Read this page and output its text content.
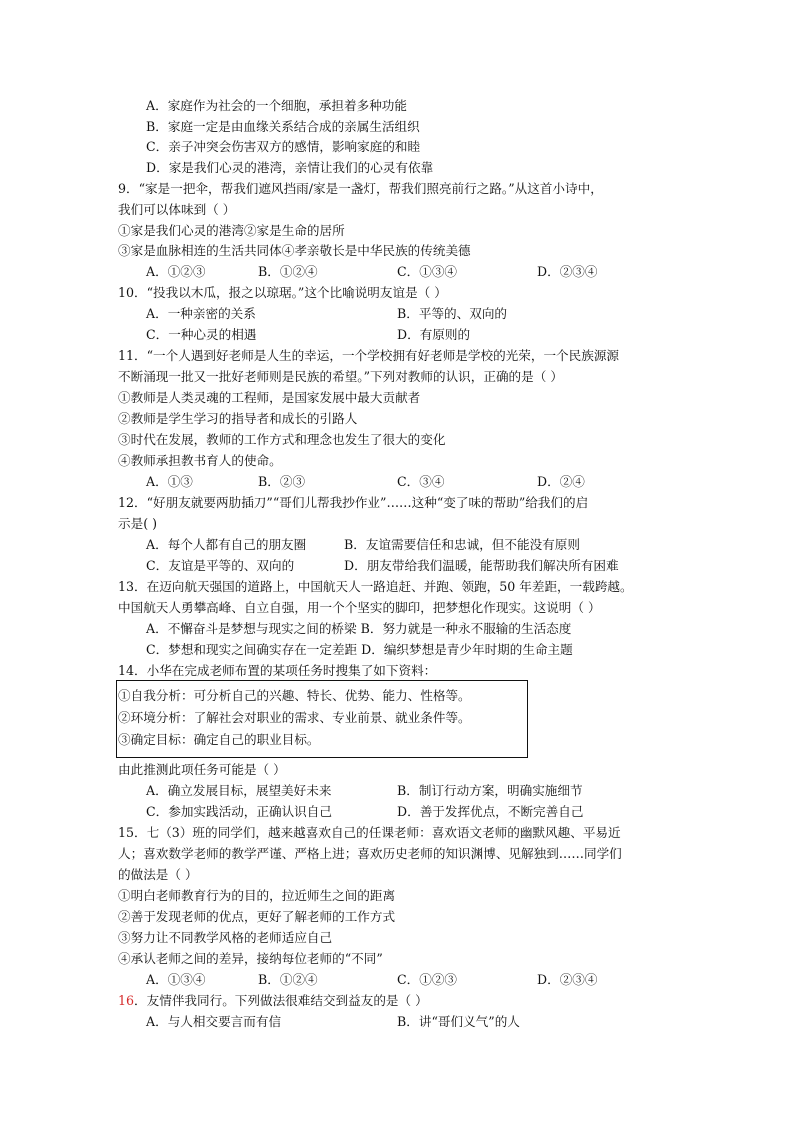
A．家庭作为社会的一个细胞，承担着多种功能
B．家庭一定是由血缘关系结合成的亲属生活组织
C．亲子冲突会伤害双方的感情，影响家庭的和睦
D．家是我们心灵的港湾，亲情让我们的心灵有依靠
9．“家是一把伞，帮我们遮风挡雨/家是一盏灯，帮我们照亮前行之路。”从这首小诗中，
我们可以体味到（ ）
①家是我们心灵的港湾②家是生命的居所
③家是血脉相连的生活共同体④孝亲敬长是中华民族的传统美德
A．①②③	B．①②④	C．①③④	D．②③④
10．“投我以木瓜，报之以琼琚。”这个比喻说明友谊是（ ）
A．一种亲密的关系	B．平等的、双向的
C．一种心灵的相遇	D．有原则的
11．“一个人遇到好老师是人生的幸运，一个学校拥有好老师是学校的光荣，一个民族源源
不断涌现一批又一批好老师则是民族的希望。”下列对教师的认识，正确的是（ ）
①教师是人类灵魂的工程师，是国家发展中最大贡献者
②教师是学生学习的指导者和成长的引路人
③时代在发展，教师的工作方式和理念也发生了很大的变化
④教师承担教书育人的使命。
A．①③	B．②③	C．③④	D．②④
12．“好朋友就要两肋插刀”“哥们儿帮我抄作业”……这种“变了味的帮助”给我们的启
示是( )
A．每个人都有自己的朋友圈	B．友谊需要信任和忠诚，但不能没有原则
C．友谊是平等的、双向的	D．朋友带给我们温暖，能帮助我们解决所有困难
13．在迈向航天强国的道路上，中国航天人一路追赶、并跑、领跑，50 年差距，一载跨越。
中国航天人勇攀高峰、自立自强，用一个个坚实的脚印，把梦想化作现实。这说明（ ）
A．不懈奋斗是梦想与现实之间的桥梁 B．努力就是一种永不服输的生活态度
C．梦想和现实之间确实存在一定差距 D．编织梦想是青少年时期的生命主题
14．小华在完成老师布置的某项任务时搜集了如下资料：
①自我分析：可分析自己的兴趣、特长、优势、能力、性格等。
②环境分析：了解社会对职业的需求、专业前景、就业条件等。
③确定目标：确定自己的职业目标。
由此推测此项任务可能是（ ）
A．确立发展目标，展望美好未来	B．制订行动方案，明确实施细节
C．参加实践活动，正确认识自己	D．善于发挥优点，不断完善自己
15．七（3）班的同学们，越来越喜欢自己的任课老师：喜欢语文老师的幽默风趣、平易近
人；喜欢数学老师的教学严谨、严格上进；喜欢历史老师的知识渊博、见解独到……同学们
的做法是（ ）
①明白老师教育行为的目的，拉近师生之间的距离
②善于发现老师的优点，更好了解老师的工作方式
③努力让不同教学风格的老师适应自己
④承认老师之间的差异，接纳每位老师的“不同”
A．①③④	B．①②④	C．①②③	D．②③④
16．友情伴我同行。下列做法很难结交到益友的是（ ）
A．与人相交要言而有信	B．讲“哥们义气”的人
